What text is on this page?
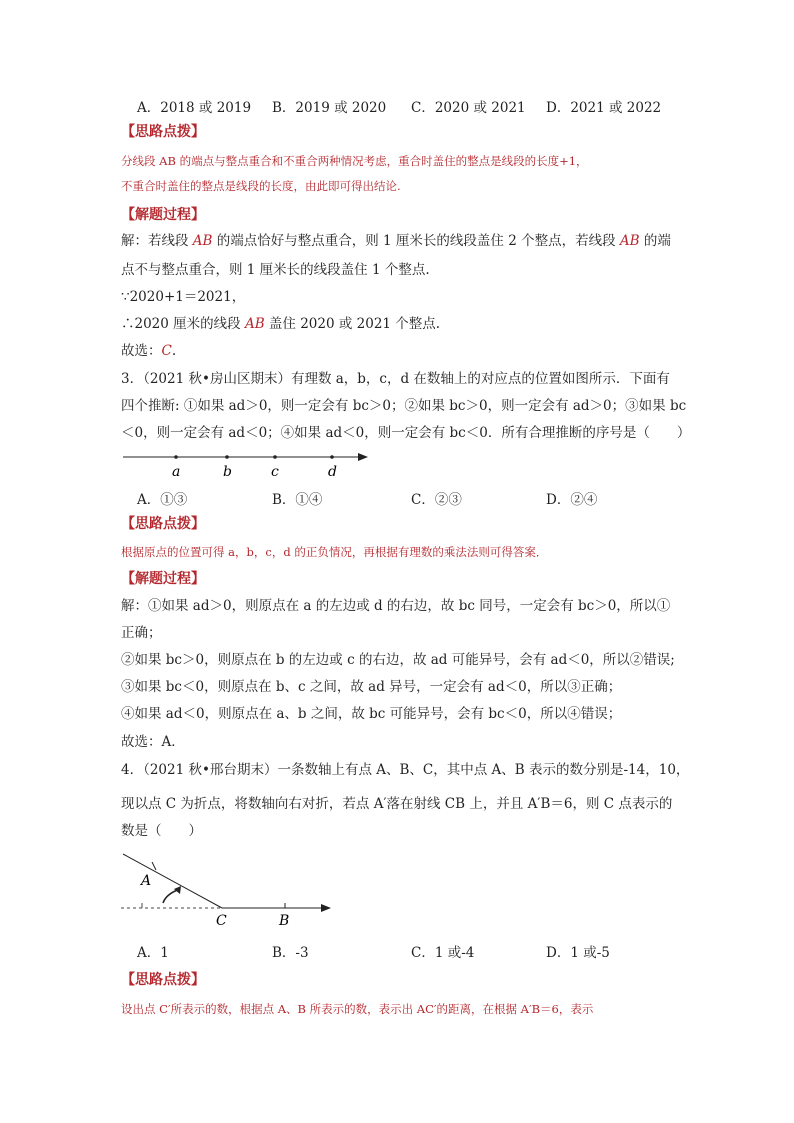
A．2018 或 2019 B．2019 或 2020 C．2020 或 2021 D．2021 或 2022
【思路点拨】
分线段 AB 的端点与整点重合和不重合两种情况考虑，重合时盖住的整点是线段的长度+1，
不重合时盖住的整点是线段的长度，由此即可得出结论.
【解题过程】
解：若线段 AB 的端点恰好与整点重合，则 1 厘米长的线段盖住 2 个整点，若线段 AB 的端
点不与整点重合，则 1 厘米长的线段盖住 1 个整点.
∵2020+1＝2021，
∴2020 厘米的线段 AB 盖住 2020 或 2021 个整点.
故选：C.
3．（2021 秋•房山区期末）有理数 a，b，c，d 在数轴上的对应点的位置如图所示．下面有
四个推断: ①如果 ad＞0，则一定会有 bc＞0；②如果 bc＞0，则一定会有 ad＞0；③如果 bc
＜0，则一定会有 ad＜0；④如果 ad＜0，则一定会有 bc＜0．所有合理推断的序号是（　　）
a	b	c	d
A．①③	B．①④	C．②③	D．②④
【思路点拨】
根据原点的位置可得 a，b，c，d 的正负情况，再根据有理数的乘法法则可得答案．
【解题过程】
解：①如果 ad＞0，则原点在 a 的左边或 d 的右边，故 bc 同号，一定会有 bc＞0，所以①
正确；
②如果 bc＞0，则原点在 b 的左边或 c 的右边，故 ad 可能异号，会有 ad＜0，所以②错误;
③如果 bc＜0，则原点在 b、c 之间，故 ad 异号，一定会有 ad＜0，所以③正确；
④如果 ad＜0，则原点在 a、b 之间，故 bc 可能异号，会有 bc＜0，所以④错误；
故选：A．
4．（2021 秋•邢台期末）一条数轴上有点 A、B、C，其中点 A、B 表示的数分别是-14，10，
现以点 C 为折点，将数轴向右对折，若点 A′落在射线 CB 上，并且 A′B＝6，则 C 点表示的
数是（　　）
A
C	B
A．1	B．-3	C．1 或-4	D．1 或-5
【思路点拨】
设出点 C′所表示的数，根据点 A、B 所表示的数，表示出 AC′的距离，在根据 A′B＝6，表示
